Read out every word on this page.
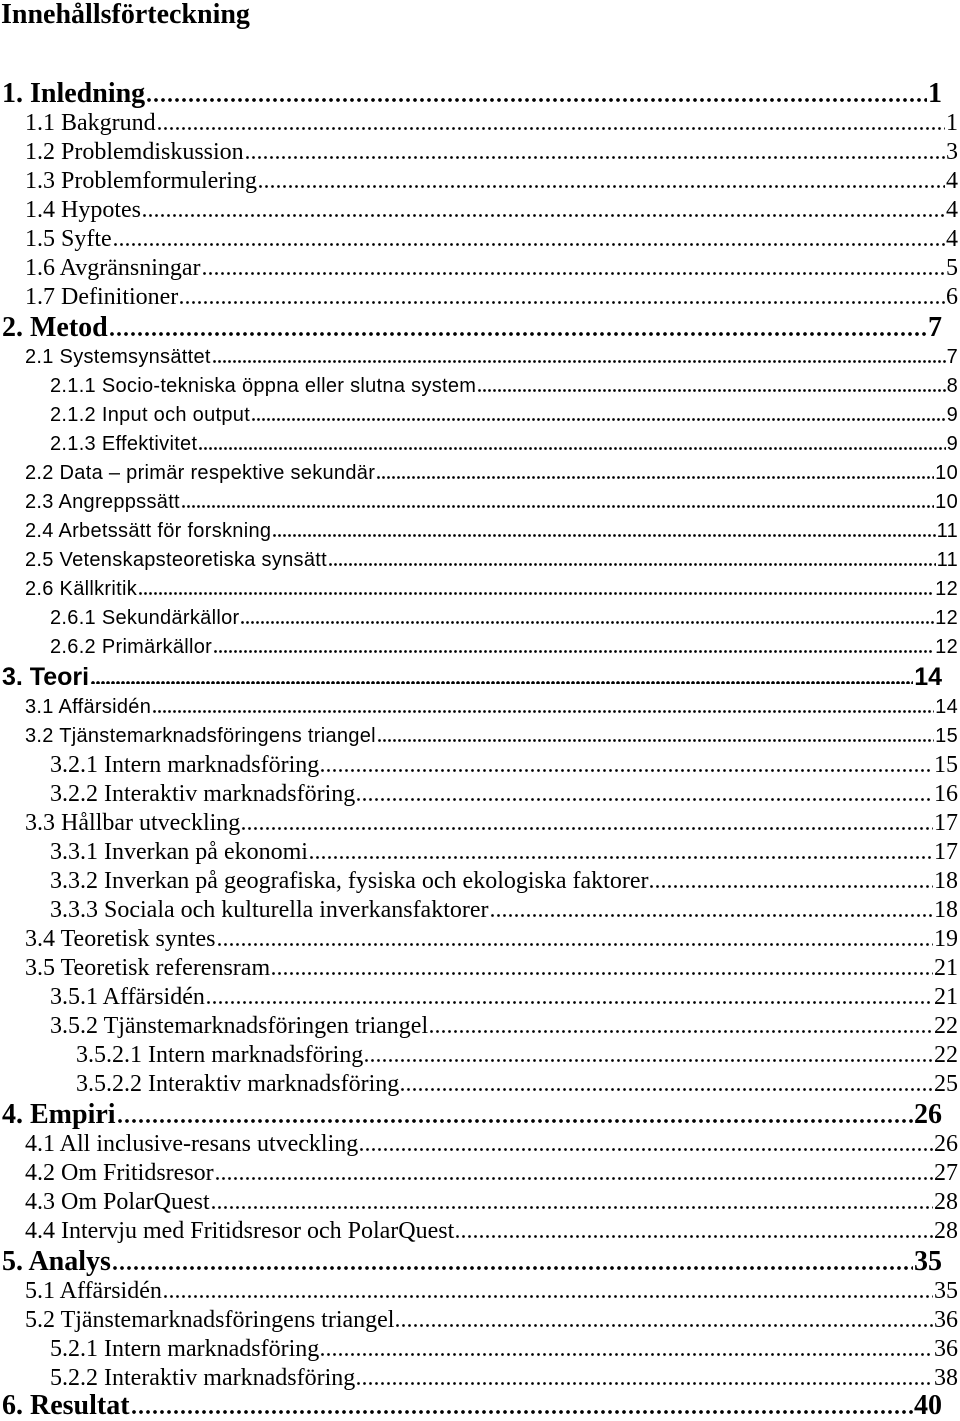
Innehållsförteckning
1. Inledning	1
1.1 Bakgrund	1
1.2 Problemdiskussion	3
1.3 Problemformulering	4
1.4 Hypotes	4
1.5 Syfte	4
1.6 Avgränsningar	5
1.7 Definitioner	6
2. Metod	7
2.1 Systemsynsättet	7
2.1.1 Socio-tekniska öppna eller slutna system	8
2.1.2 Input och output	9
2.1.3 Effektivitet	9
2.2 Data – primär respektive sekundär	10
2.3 Angreppssätt	10
2.4 Arbetssätt för forskning	11
2.5 Vetenskapsteoretiska synsätt	11
2.6 Källkritik	12
2.6.1 Sekundärkällor	12
2.6.2 Primärkällor	12
3. Teori	14
3.1 Affärsidén	14
3.2 Tjänstemarknadsföringens triangel	15
3.2.1 Intern marknadsföring	15
3.2.2 Interaktiv marknadsföring	16
3.3 Hållbar utveckling	17
3.3.1 Inverkan på ekonomi	17
3.3.2 Inverkan på geografiska, fysiska och ekologiska faktorer	18
3.3.3 Sociala och kulturella inverkansfaktorer	18
3.4 Teoretisk syntes	19
3.5 Teoretisk referensram	21
3.5.1 Affärsidén	21
3.5.2 Tjänstemarknadsföringen triangel	22
3.5.2.1 Intern marknadsföring	22
3.5.2.2 Interaktiv marknadsföring	25
4. Empiri	26
4.1 All inclusive-resans utveckling	26
4.2 Om Fritidsresor	27
4.3 Om PolarQuest	28
4.4 Intervju med Fritidsresor och PolarQuest	28
5. Analys	35
5.1 Affärsidén	35
5.2 Tjänstemarknadsföringens triangel	36
5.2.1 Intern marknadsföring	36
5.2.2 Interaktiv marknadsföring	38
6. Resultat	40
